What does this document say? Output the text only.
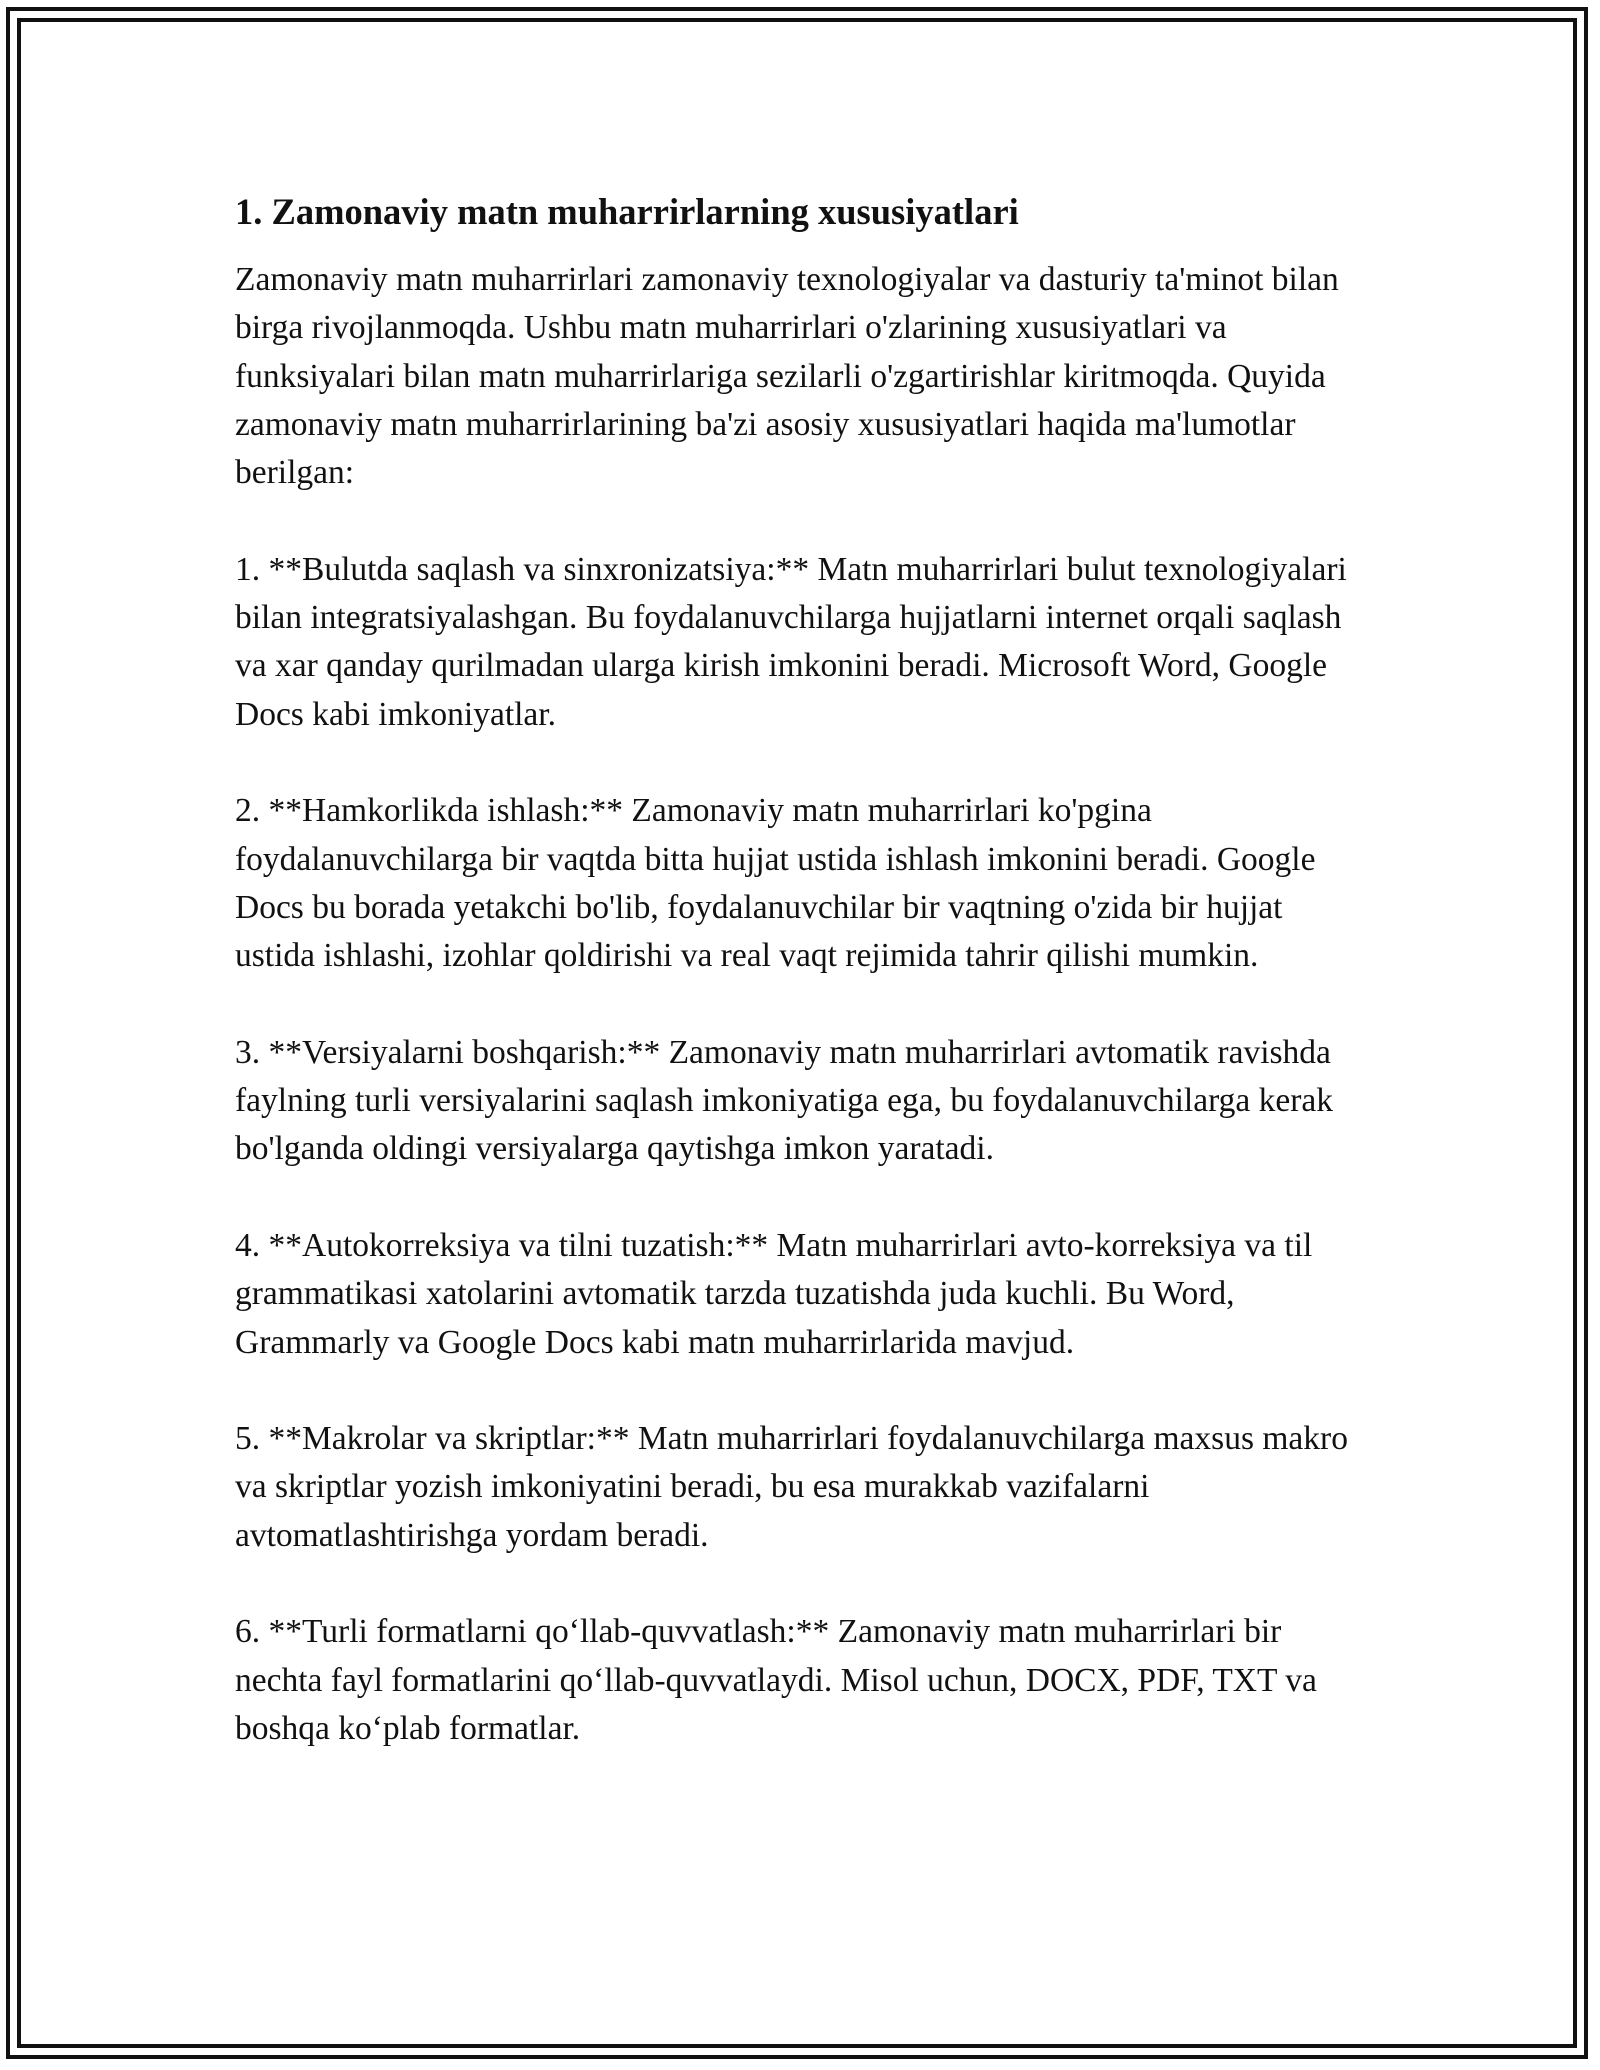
1. Zamonaviy matn muharrirlarning xususiyatlari

Zamonaviy matn muharrirlari zamonaviy texnologiyalar va dasturiy ta'minot bilan birga rivojlanmoqda. Ushbu matn muharrirlari o'zlarining xususiyatlari va funksiyalari bilan matn muharrirlariga sezilarli o'zgartirishlar kiritmoqda. Quyida zamonaviy matn muharrirlarining ba'zi asosiy xususiyatlari haqida ma'lumotlar berilgan:

1. **Bulutda saqlash va sinxronizatsiya:** Matn muharrirlari bulut texnologiyalari bilan integratsiyalashgan. Bu foydalanuvchilarga hujjatlarni internet orqali saqlash va xar qanday qurilmadan ularga kirish imkonini beradi. Microsoft Word, Google Docs kabi imkoniyatlar.

2. **Hamkorlikda ishlash:** Zamonaviy matn muharrirlari ko'pgina foydalanuvchilarga bir vaqtda bitta hujjat ustida ishlash imkonini beradi. Google Docs bu borada yetakchi bo'lib, foydalanuvchilar bir vaqtning o'zida bir hujjat ustida ishlashi, izohlar qoldirishi va real vaqt rejimida tahrir qilishi mumkin.

3. **Versiyalarni boshqarish:** Zamonaviy matn muharrirlari avtomatik ravishda faylning turli versiyalarini saqlash imkoniyatiga ega, bu foydalanuvchilarga kerak bo'lganda oldingi versiyalarga qaytishga imkon yaratadi.

4. **Autokorreksiya va tilni tuzatish:** Matn muharrirlari avto-korreksiya va til grammatikasi xatolarini avtomatik tarzda tuzatishda juda kuchli. Bu Word, Grammarly va Google Docs kabi matn muharrirlarida mavjud.

5. **Makrolar va skriptlar:** Matn muharrirlari foydalanuvchilarga maxsus makro va skriptlar yozish imkoniyatini beradi, bu esa murakkab vazifalarni avtomatlashtirishga yordam beradi.

6. **Turli formatlarni qo‘llab-quvvatlash:** Zamonaviy matn muharrirlari bir nechta fayl formatlarini qo‘llab-quvvatlaydi. Misol uchun, DOCX, PDF, TXT va boshqa ko‘plab formatlar.
